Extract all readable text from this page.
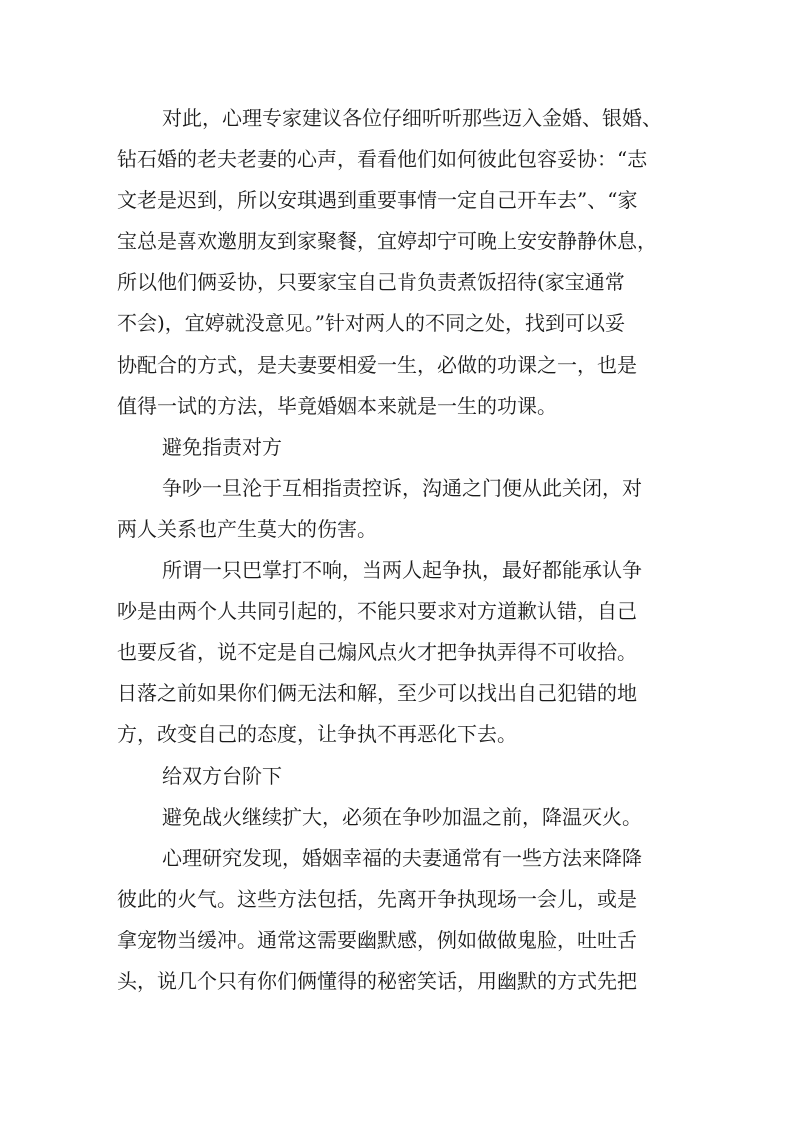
对此，心理专家建议各位仔细听听那些迈入金婚、银婚、
钻石婚的老夫老妻的心声，看看他们如何彼此包容妥协：“志
文老是迟到，所以安琪遇到重要事情一定自己开车去”、“家
宝总是喜欢邀朋友到家聚餐，宜婷却宁可晚上安安静静休息，
所以他们俩妥协，只要家宝自己肯负责煮饭招待(家宝通常
不会)，宜婷就没意见。”针对两人的不同之处，找到可以妥
协配合的方式，是夫妻要相爱一生，必做的功课之一，也是
值得一试的方法，毕竟婚姻本来就是一生的功课。
避免指责对方
争吵一旦沦于互相指责控诉，沟通之门便从此关闭，对
两人关系也产生莫大的伤害。
所谓一只巴掌打不响，当两人起争执，最好都能承认争
吵是由两个人共同引起的，不能只要求对方道歉认错，自己
也要反省，说不定是自己煽风点火才把争执弄得不可收拾。
日落之前如果你们俩无法和解，至少可以找出自己犯错的地
方，改变自己的态度，让争执不再恶化下去。
给双方台阶下
避免战火继续扩大，必须在争吵加温之前，降温灭火。
心理研究发现，婚姻幸福的夫妻通常有一些方法来降降
彼此的火气。这些方法包括，先离开争执现场一会儿，或是
拿宠物当缓冲。通常这需要幽默感，例如做做鬼脸，吐吐舌
头，说几个只有你们俩懂得的秘密笑话，用幽默的方式先把
